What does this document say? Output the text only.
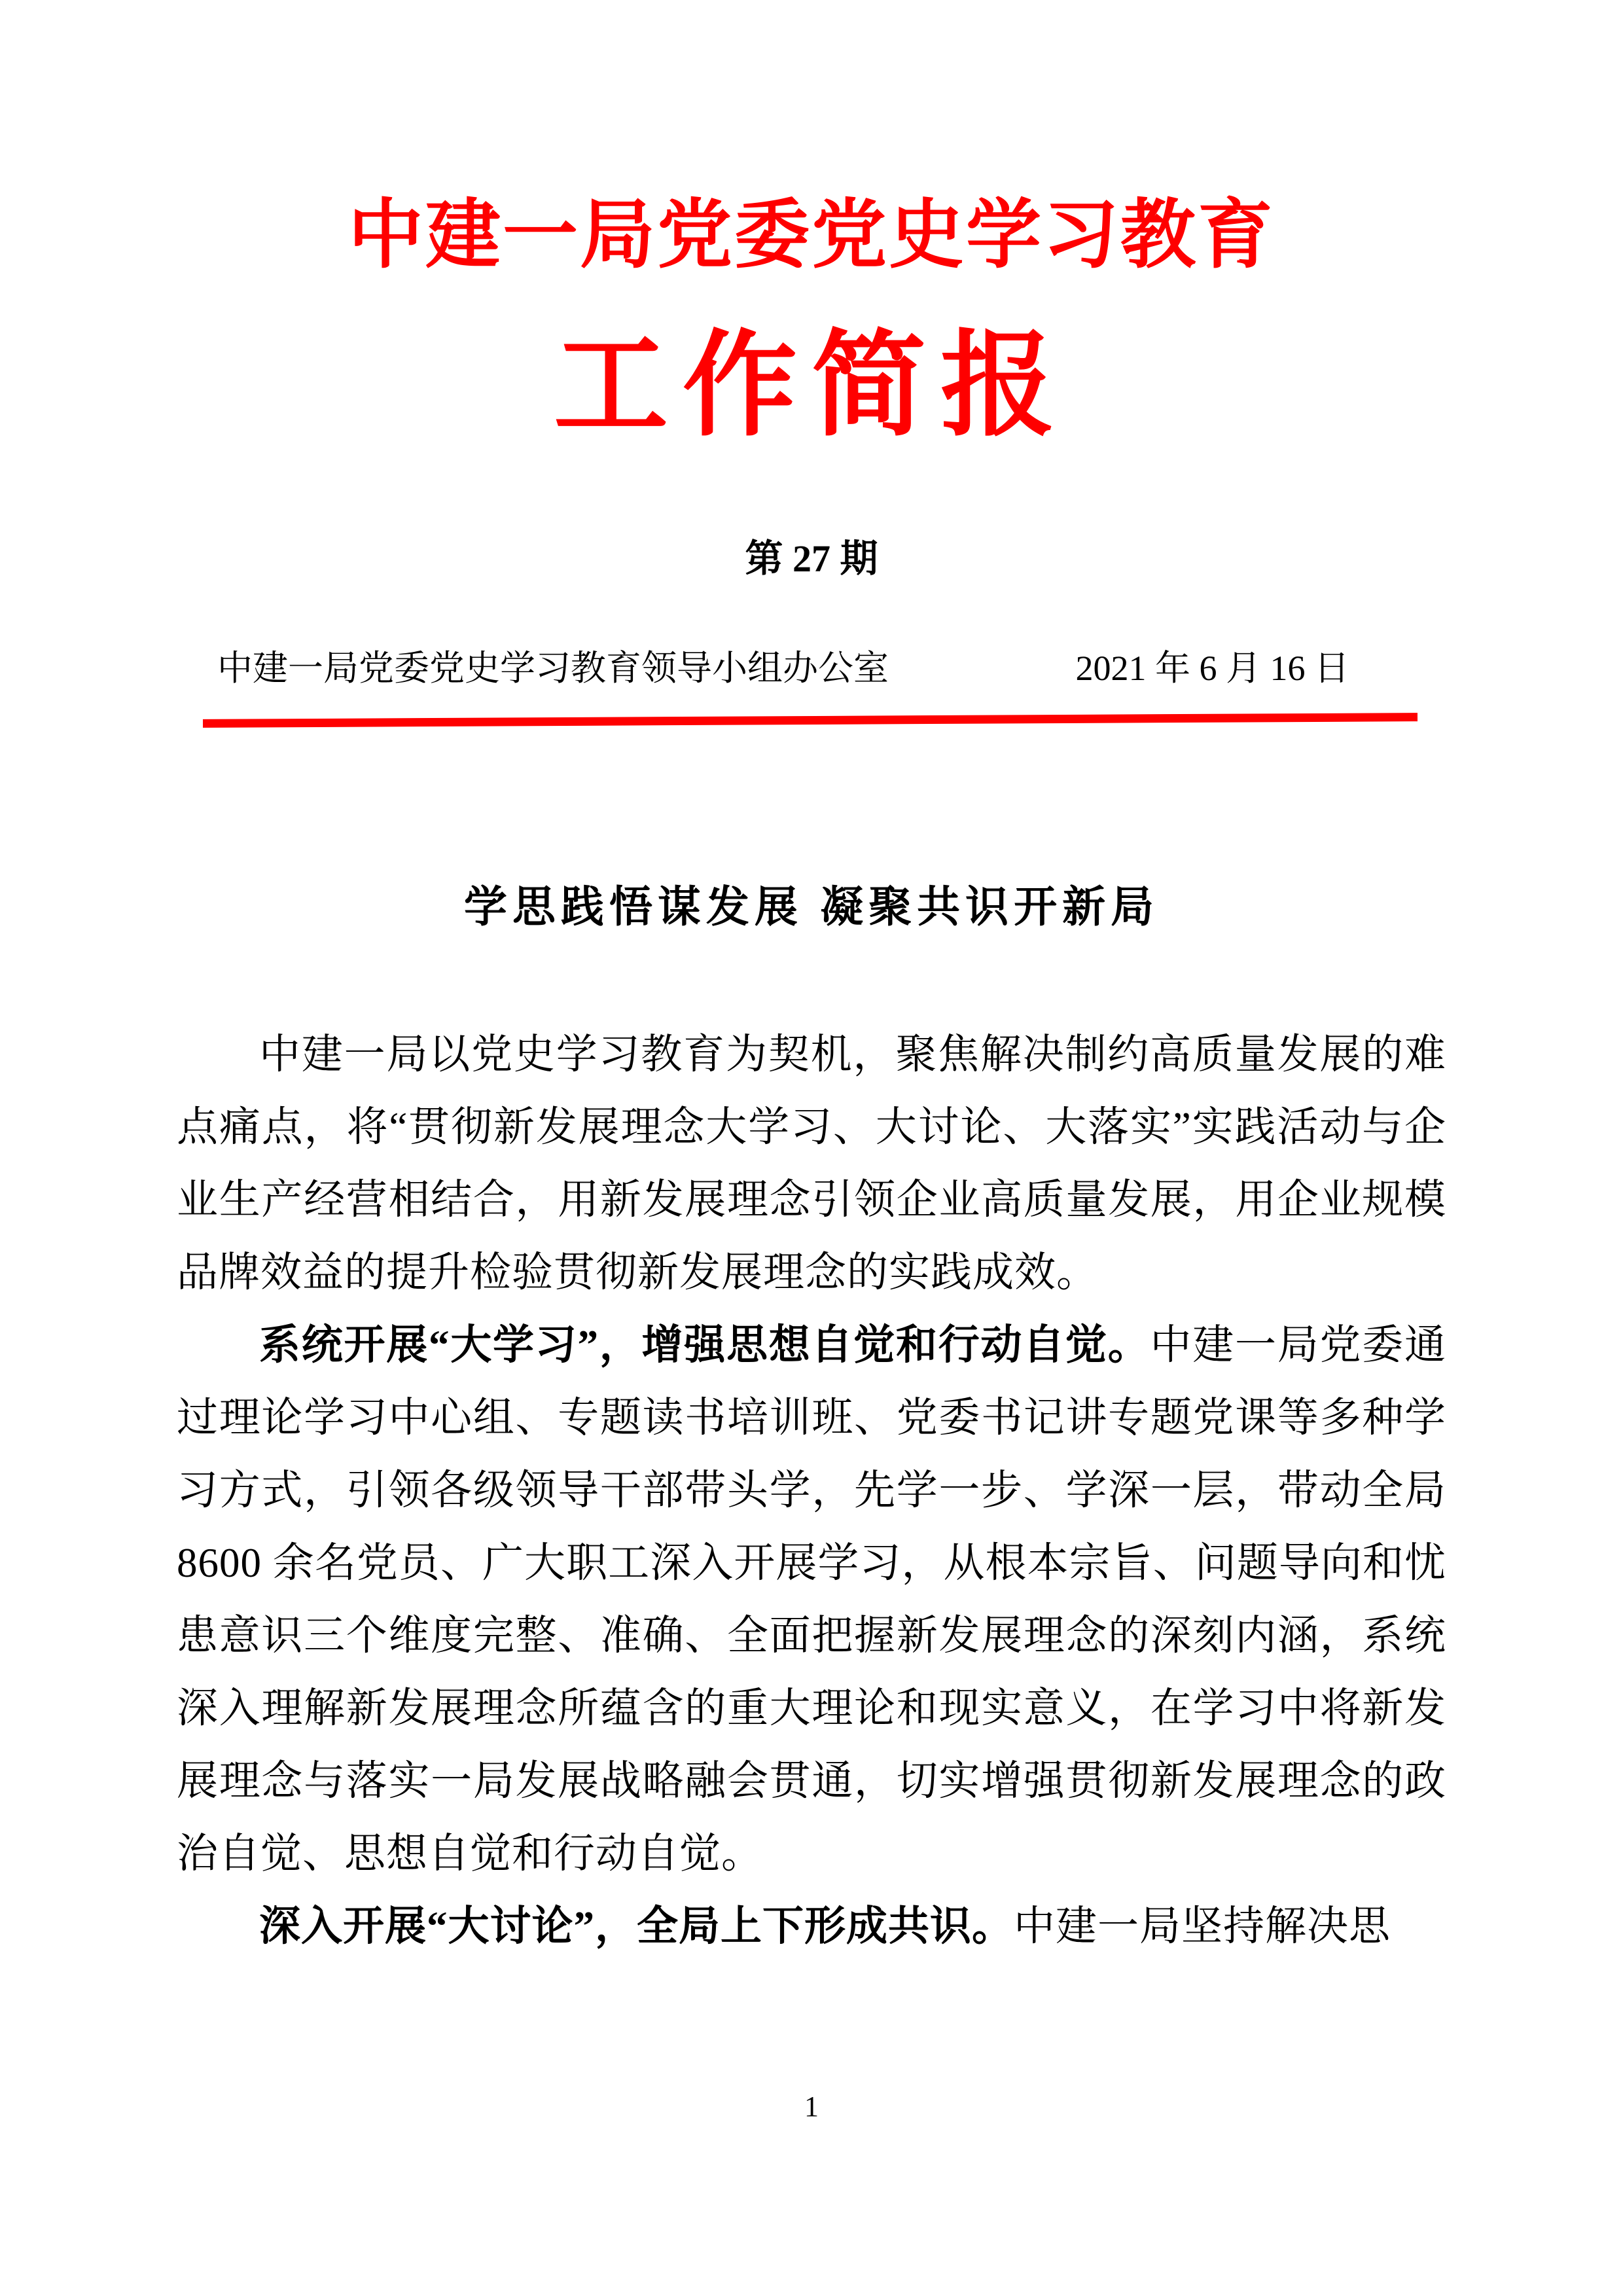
中建一局党委党史学习教育
工作简报
第 27 期
中建一局党委党史学习教育领导小组办公室	2021 年 6 月 16 日
学思践悟谋发展 凝聚共识开新局

中建一局以党史学习教育为契机，聚焦解决制约高质量发展的难点痛点，将“贯彻新发展理念大学习、大讨论、大落实”实践活动与企业生产经营相结合，用新发展理念引领企业高质量发展，用企业规模品牌效益的提升检验贯彻新发展理念的实践成效。

系统开展“大学习”，增强思想自觉和行动自觉。中建一局党委通过理论学习中心组、专题读书培训班、党委书记讲专题党课等多种学习方式，引领各级领导干部带头学，先学一步、学深一层，带动全局 8600 余名党员、广大职工深入开展学习，从根本宗旨、问题导向和忧患意识三个维度完整、准确、全面把握新发展理念的深刻内涵，系统深入理解新发展理念所蕴含的重大理论和现实意义，在学习中将新发展理念与落实一局发展战略融会贯通，切实增强贯彻新发展理念的政治自觉、思想自觉和行动自觉。

深入开展“大讨论”，全局上下形成共识。中建一局坚持解决思

1
